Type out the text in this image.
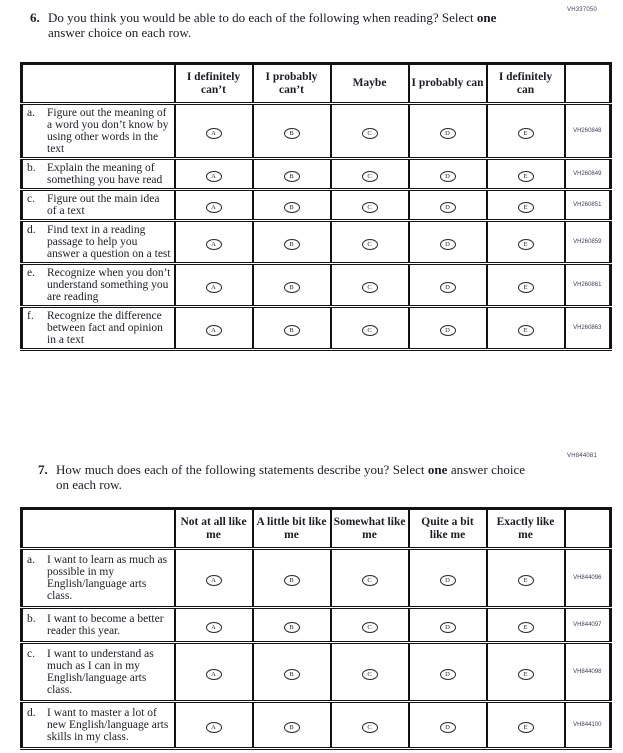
VH337050
6. Do you think you would be able to do each of the following when reading? Select one answer choice on each row.
	I definitely can’t	I probably can’t	Maybe	I probably can	I definitely can	

a. Figure out the meaning of a word you don’t know by using other words in the text	A	B	C	D	E	VH260848

b. Explain the meaning of something you have read	A	B	C	D	E	VH260849

c. Figure out the main idea of a text	A	B	C	D	E	VH260851

d. Find text in a reading passage to help you answer a question on a test	A	B	C	D	E	VH260859

e. Recognize when you don’t understand something you are reading	A	B	C	D	E	VH260861

f. Recognize the difference between fact and opinion in a text	A	B	C	D	E	VH260863
VH844081
7. How much does each of the following statements describe you? Select one answer choice on each row.
	Not at all like me	A little bit like me	Somewhat like me	Quite a bit like me	Exactly like me	

a. I want to learn as much as possible in my English/language arts class.	A	B	C	D	E	VH844096

b. I want to become a better reader this year.	A	B	C	D	E	VH844097

c. I want to understand as much as I can in my English/language arts class.	A	B	C	D	E	VH844098

d. I want to master a lot of new English/language arts skills in my class.	A	B	C	D	E	VH844100
